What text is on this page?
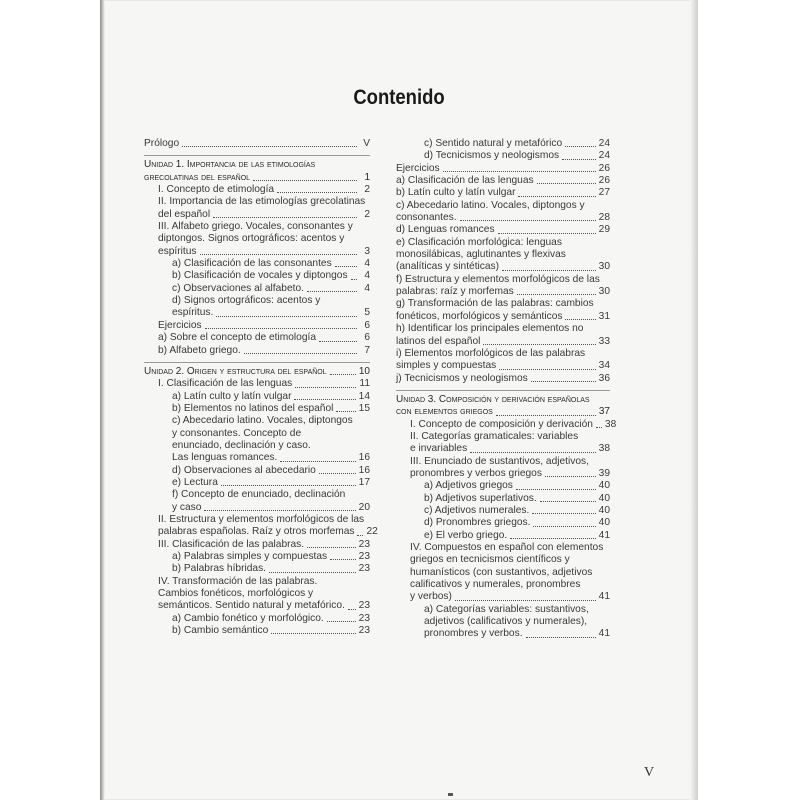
Contenido
Prólogo	V
Unidad 1. Importancia de las etimologías
grecolatinas del español	1
I. Concepto de etimología	2
II. Importancia de las etimologías grecolatinas
del español	2
III. Alfabeto griego. Vocales, consonantes y
diptongos. Signos ortográficos: acentos y
espíritus	3
a) Clasificación de las consonantes	4
b) Clasificación de vocales y diptongos	4
c) Observaciones al alfabeto.	4
d) Signos ortográficos: acentos y
espíritus.	5
Ejercicios	6
a) Sobre el concepto de etimología	6
b) Alfabeto griego.	7
Unidad 2. Origen y estructura del español	10
I. Clasificación de las lenguas	11
a) Latín culto y latín vulgar	14
b) Elementos no latinos del español 15
c) Abecedario latino. Vocales, diptongos
y consonantes. Concepto de
enunciado, declinación y caso.
Las lenguas romances.	16
d) Observaciones al abecedario	16
e) Lectura	17
f) Concepto de enunciado, declinación
y caso	20
II. Estructura y elementos morfológicos de las
palabras españolas. Raíz y otros morfemas 22
III. Clasificación de las palabras.	23
a) Palabras simples y compuestas	23
b) Palabras híbridas.	23
IV. Transformación de las palabras.
Cambios fonéticos, morfológicos y
semánticos. Sentido natural y metafórico. 23
a) Cambio fonético y morfológico.	23
b) Cambio semántico	23
c) Sentido natural y metafórico	24
d) Tecnicismos y neologismos	24
Ejercicios	26
a) Clasificación de las lenguas	26
b) Latín culto y latín vulgar	27
c) Abecedario latino. Vocales, diptongos y
consonantes.	28
d) Lenguas romances	29
e) Clasificación morfológica: lenguas
monosilábicas, aglutinantes y flexivas
(analíticas y sintéticas)	30
f) Estructura y elementos morfológicos de las
palabras: raíz y morfemas	30
g) Transformación de las palabras: cambios
fonéticos, morfológicos y semánticos	31
h) Identificar los principales elementos no
latinos del español	33
i) Elementos morfológicos de las palabras
simples y compuestas	34
j) Tecnicismos y neologismos	36
Unidad 3. Composición y derivación españolas
con elementos griegos	37
I. Concepto de composición y derivación 38
II. Categorías gramaticales: variables
e invariables	38
III. Enunciado de sustantivos, adjetivos,
pronombres y verbos griegos	39
a) Adjetivos griegos	40
b) Adjetivos superlativos.	40
c) Adjetivos numerales.	40
d) Pronombres griegos.	40
e) El verbo griego.	41
IV. Compuestos en español con elementos
griegos en tecnicismos científicos y
humanísticos (con sustantivos, adjetivos
calificativos y numerales, pronombres
y verbos)	41
a) Categorías variables: sustantivos,
adjetivos (calificativos y numerales),
pronombres y verbos.	41
V
